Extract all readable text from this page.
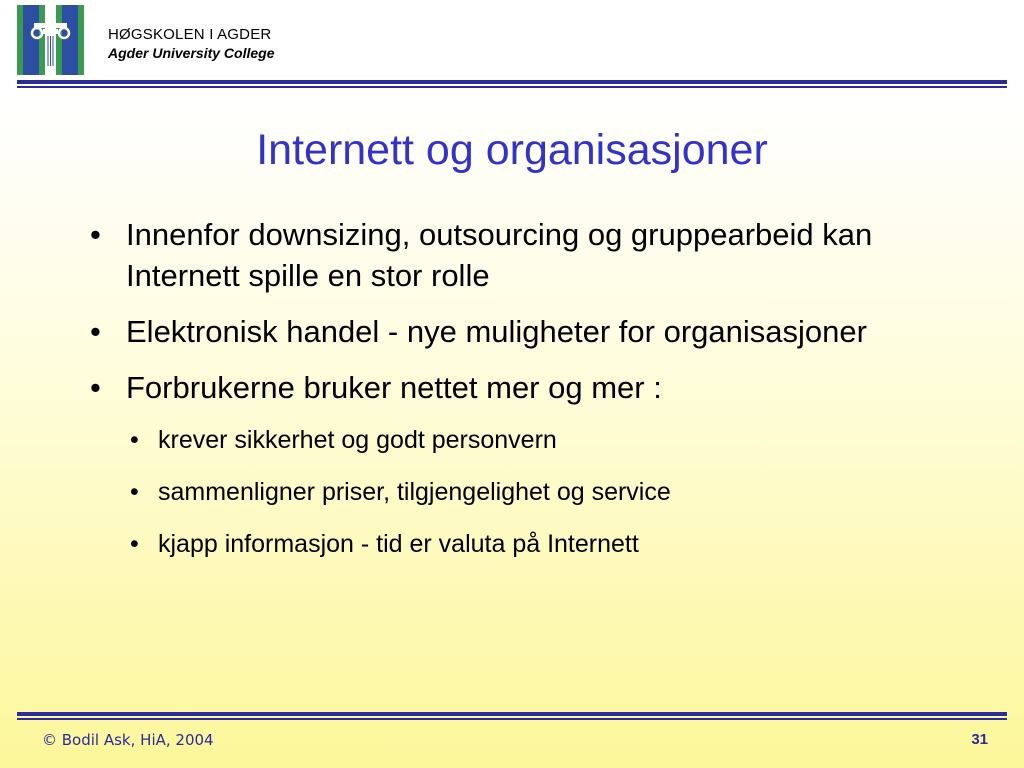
HØGSKOLEN I AGDER
Agder University College
Internett og organisasjoner
• Innenfor downsizing, outsourcing og gruppearbeid kan Internett spille en stor rolle
• Elektronisk handel - nye muligheter for organisasjoner
• Forbrukerne bruker nettet mer og mer :
• krever sikkerhet og godt personvern
• sammenligner priser, tilgjengelighet og service
• kjapp informasjon - tid er valuta på Internett
© Bodil Ask, HiA, 2004	31
